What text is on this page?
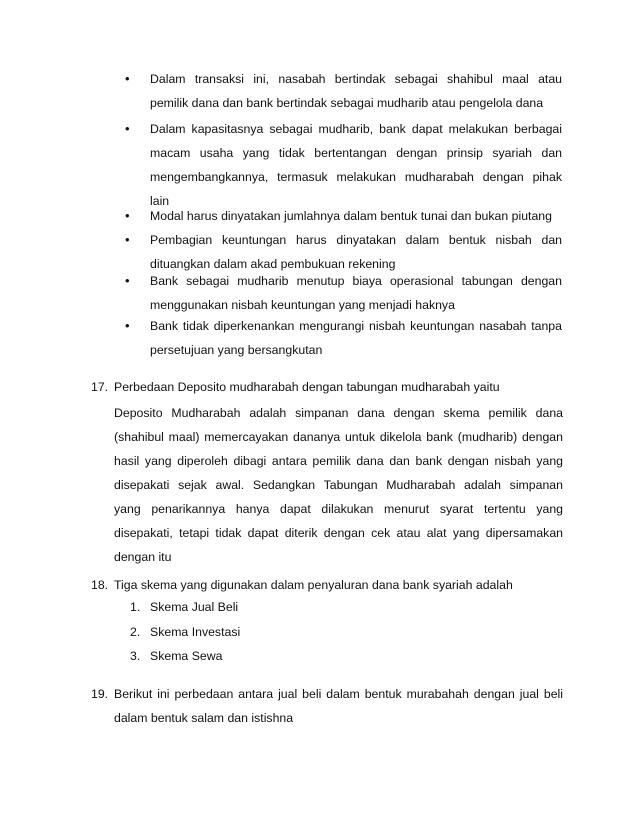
• Dalam transaksi ini, nasabah bertindak sebagai shahibul maal atau
pemilik dana dan bank bertindak sebagai mudharib atau pengelola dana
• Dalam kapasitasnya sebagai mudharib, bank dapat melakukan berbagai
macam usaha yang tidak bertentangan dengan prinsip syariah dan
mengembangkannya, termasuk melakukan mudharabah dengan pihak
lain
• Modal harus dinyatakan jumlahnya dalam bentuk tunai dan bukan piutang
• Pembagian keuntungan harus dinyatakan dalam bentuk nisbah dan
dituangkan dalam akad pembukuan rekening
• Bank sebagai mudharib menutup biaya operasional tabungan dengan
menggunakan nisbah keuntungan yang menjadi haknya
• Bank tidak diperkenankan mengurangi nisbah keuntungan nasabah tanpa
persetujuan yang bersangkutan
17. Perbedaan Deposito mudharabah dengan tabungan mudharabah yaitu
Deposito Mudharabah adalah simpanan dana dengan skema pemilik dana
(shahibul maal) memercayakan dananya untuk dikelola bank (mudharib) dengan
hasil yang diperoleh dibagi antara pemilik dana dan bank dengan nisbah yang
disepakati sejak awal. Sedangkan Tabungan Mudharabah adalah simpanan
yang penarikannya hanya dapat dilakukan menurut syarat tertentu yang
disepakati, tetapi tidak dapat diterik dengan cek atau alat yang dipersamakan
dengan itu
18. Tiga skema yang digunakan dalam penyaluran dana bank syariah adalah
1. Skema Jual Beli
2. Skema Investasi
3. Skema Sewa
19. Berikut ini perbedaan antara jual beli dalam bentuk murabahah dengan jual beli
dalam bentuk salam dan istishna
